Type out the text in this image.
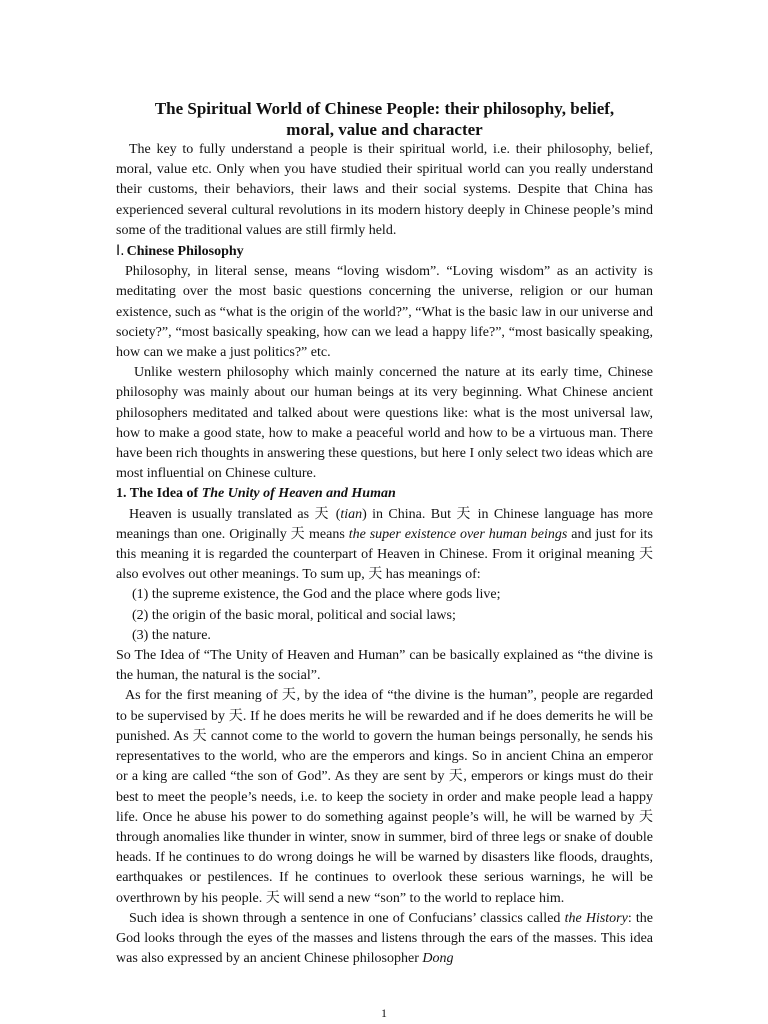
The Spiritual World of Chinese People: their philosophy, belief,
moral, value and character

The key to fully understand a people is their spiritual world, i.e. their philosophy, belief, moral, value etc. Only when you have studied their spiritual world can you really understand their customs, their behaviors, their laws and their social systems. Despite that China has experienced several cultural revolutions in its modern history deeply in Chinese people’s mind some of the traditional values are still firmly held.

Ⅰ. Chinese Philosophy

Philosophy, in literal sense, means “loving wisdom”. “Loving wisdom” as an activity is meditating over the most basic questions concerning the universe, religion or our human existence, such as “what is the origin of the world?”, “What is the basic law in our universe and society?”, “most basically speaking, how can we lead a happy life?”, “most basically speaking, how can we make a just politics?” etc.

Unlike western philosophy which mainly concerned the nature at its early time, Chinese philosophy was mainly about our human beings at its very beginning. What Chinese ancient philosophers meditated and talked about were questions like: what is the most universal law, how to make a good state, how to make a peaceful world and how to be a virtuous man. There have been rich thoughts in answering these questions, but here I only select two ideas which are most influential on Chinese culture.

1. The Idea of The Unity of Heaven and Human

Heaven is usually translated as 天 (tian) in China. But 天 in Chinese language has more meanings than one. Originally 天 means the super existence over human beings and just for its this meaning it is regarded the counterpart of Heaven in Chinese. From it original meaning 天 also evolves out other meanings. To sum up, 天 has meanings of:

(1) the supreme existence, the God and the place where gods live;
(2) the origin of the basic moral, political and social laws;
(3) the nature.

So The Idea of “The Unity of Heaven and Human” can be basically explained as “the divine is the human, the natural is the social”.

As for the first meaning of 天, by the idea of “the divine is the human”, people are regarded to be supervised by 天. If he does merits he will be rewarded and if he does demerits he will be punished. As 天 cannot come to the world to govern the human beings personally, he sends his representatives to the world, who are the emperors and kings. So in ancient China an emperor or a king are called “the son of God”. As they are sent by 天, emperors or kings must do their best to meet the people’s needs, i.e. to keep the society in order and make people lead a happy life. Once he abuse his power to do something against people’s will, he will be warned by 天 through anomalies like thunder in winter, snow in summer, bird of three legs or snake of double heads. If he continues to do wrong doings he will be warned by disasters like floods, draughts, earthquakes or pestilences. If he continues to overlook these serious warnings, he will be overthrown by his people. 天 will send a new “son” to the world to replace him.

Such idea is shown through a sentence in one of Confucians’ classics called the History: the God looks through the eyes of the masses and listens through the ears of the masses. This idea was also expressed by an ancient Chinese philosopher Dong

1
